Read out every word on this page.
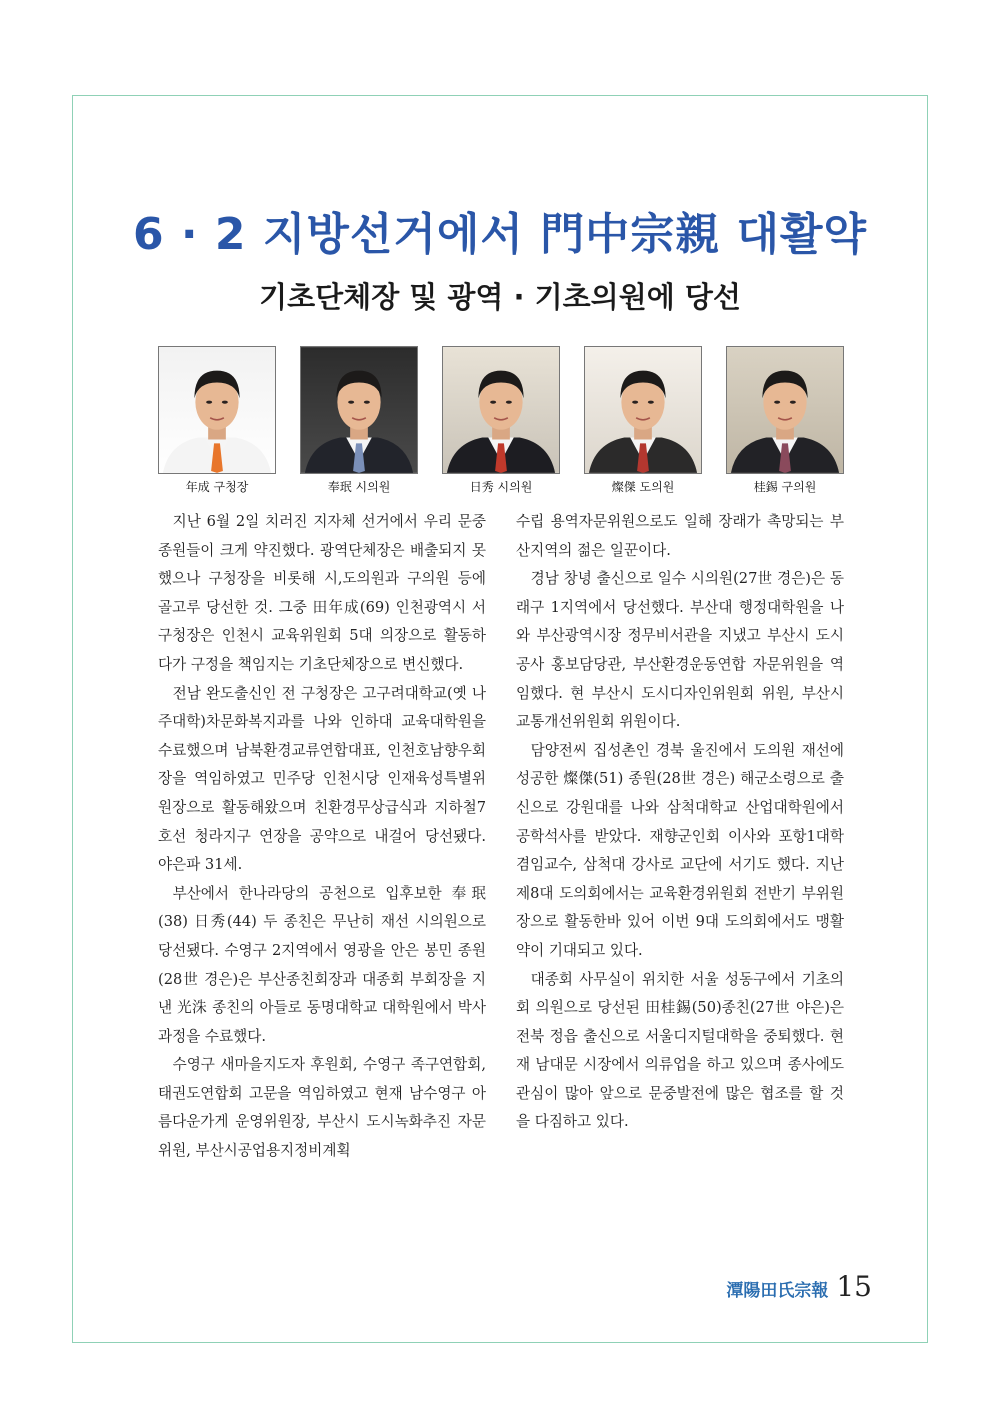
6 · 2 지방선거에서 門中宗親 대활약
기초단체장 및 광역 · 기초의원에 당선
年成 구청장	奉珉 시의원	日秀 시의원	燦傑 도의원	桂錫 구의원

지난 6월 2일 치러진 지자체 선거에서 우리 문중 종원들이 크게 약진했다. 광역단체장은 배출되지 못했으나 구청장을 비롯해 시,도의원과 구의원 등에 골고루 당선한 것. 그중 田年成(69) 인천광역시 서구청장은 인천시 교육위원회 5대 의장으로 활동하다가 구정을 책임지는 기초단체장으로 변신했다.

전남 완도출신인 전 구청장은 고구려대학교(옛 나주대학)차문화복지과를 나와 인하대 교육대학원을 수료했으며 남북환경교류연합대표, 인천호남향우회장을 역임하였고 민주당 인천시당 인재육성특별위원장으로 활동해왔으며 친환경무상급식과 지하철7호선 청라지구 연장을 공약으로 내걸어 당선됐다. 야은파 31세.

부산에서 한나라당의 공천으로 입후보한 奉珉(38) 日秀(44) 두 종친은 무난히 재선 시의원으로 당선됐다. 수영구 2지역에서 영광을 안은 봉민 종원(28世 경은)은 부산종친회장과 대종회 부회장을 지낸 光洙 종친의 아들로 동명대학교 대학원에서 박사과정을 수료했다.

수영구 새마을지도자 후원회, 수영구 족구연합회, 태권도연합회 고문을 역임하였고 현재 남수영구 아름다운가게 운영위원장, 부산시 도시녹화추진 자문위원, 부산시공업용지정비계획

수립 용역자문위원으로도 일해 장래가 촉망되는 부산지역의 젊은 일꾼이다.

경남 창녕 출신으로 일수 시의원(27世 경은)은 동래구 1지역에서 당선했다. 부산대 행정대학원을 나와 부산광역시장 정무비서관을 지냈고 부산시 도시공사 홍보담당관, 부산환경운동연합 자문위원을 역임했다. 현 부산시 도시디자인위원회 위원, 부산시 교통개선위원회 위원이다.

담양전씨 집성촌인 경북 울진에서 도의원 재선에 성공한 燦傑(51) 종원(28世 경은) 해군소령으로 출신으로 강원대를 나와 삼척대학교 산업대학원에서 공학석사를 받았다. 재향군인회 이사와 포항1대학 겸임교수, 삼척대 강사로 교단에 서기도 했다. 지난 제8대 도의회에서는 교육환경위원회 전반기 부위원장으로 활동한바 있어 이번 9대 도의회에서도 맹활약이 기대되고 있다.

대종회 사무실이 위치한 서울 성동구에서 기초의회 의원으로 당선된 田桂錫(50)종친(27世 야은)은 전북 정읍 출신으로 서울디지털대학을 중퇴했다. 현재 남대문 시장에서 의류업을 하고 있으며 종사에도 관심이 많아 앞으로 문중발전에 많은 협조를 할 것을 다짐하고 있다.

潭陽田氏宗報 15
